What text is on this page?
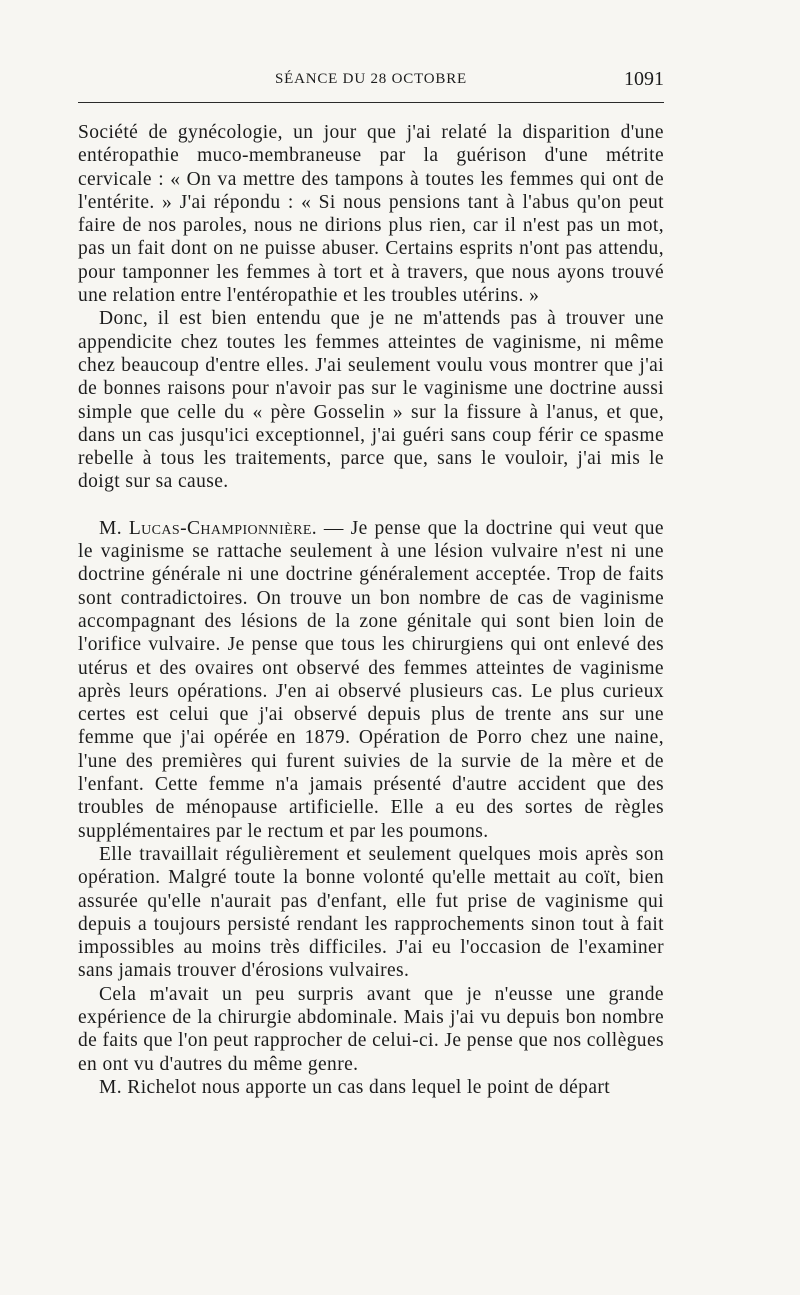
SÉANCE DU 28 OCTOBRE	1091

Société de gynécologie, un jour que j'ai relaté la disparition d'une entéropathie muco-membraneuse par la guérison d'une métrite cervicale : « On va mettre des tampons à toutes les femmes qui ont de l'entérite. » J'ai répondu : « Si nous pensions tant à l'abus qu'on peut faire de nos paroles, nous ne dirions plus rien, car il n'est pas un mot, pas un fait dont on ne puisse abuser. Certains esprits n'ont pas attendu, pour tamponner les femmes à tort et à travers, que nous ayons trouvé une relation entre l'entéropathie et les troubles utérins. »

Donc, il est bien entendu que je ne m'attends pas à trouver une appendicite chez toutes les femmes atteintes de vaginisme, ni même chez beaucoup d'entre elles. J'ai seulement voulu vous montrer que j'ai de bonnes raisons pour n'avoir pas sur le vaginisme une doctrine aussi simple que celle du « père Gosselin » sur la fissure à l'anus, et que, dans un cas jusqu'ici exceptionnel, j'ai guéri sans coup férir ce spasme rebelle à tous les traitements, parce que, sans le vouloir, j'ai mis le doigt sur sa cause.

M. Lucas-Championnière. — Je pense que la doctrine qui veut que le vaginisme se rattache seulement à une lésion vulvaire n'est ni une doctrine générale ni une doctrine généralement acceptée. Trop de faits sont contradictoires. On trouve un bon nombre de cas de vaginisme accompagnant des lésions de la zone génitale qui sont bien loin de l'orifice vulvaire. Je pense que tous les chirurgiens qui ont enlevé des utérus et des ovaires ont observé des femmes atteintes de vaginisme après leurs opérations. J'en ai observé plusieurs cas. Le plus curieux certes est celui que j'ai observé depuis plus de trente ans sur une femme que j'ai opérée en 1879. Opération de Porro chez une naine, l'une des premières qui furent suivies de la survie de la mère et de l'enfant. Cette femme n'a jamais présenté d'autre accident que des troubles de ménopause artificielle. Elle a eu des sortes de règles supplémentaires par le rectum et par les poumons.

Elle travaillait régulièrement et seulement quelques mois après son opération. Malgré toute la bonne volonté qu'elle mettait au coït, bien assurée qu'elle n'aurait pas d'enfant, elle fut prise de vaginisme qui depuis a toujours persisté rendant les rapprochements sinon tout à fait impossibles au moins très difficiles. J'ai eu l'occasion de l'examiner sans jamais trouver d'érosions vulvaires.

Cela m'avait un peu surpris avant que je n'eusse une grande expérience de la chirurgie abdominale. Mais j'ai vu depuis bon nombre de faits que l'on peut rapprocher de celui-ci. Je pense que nos collègues en ont vu d'autres du même genre.

M. Richelot nous apporte un cas dans lequel le point de départ
